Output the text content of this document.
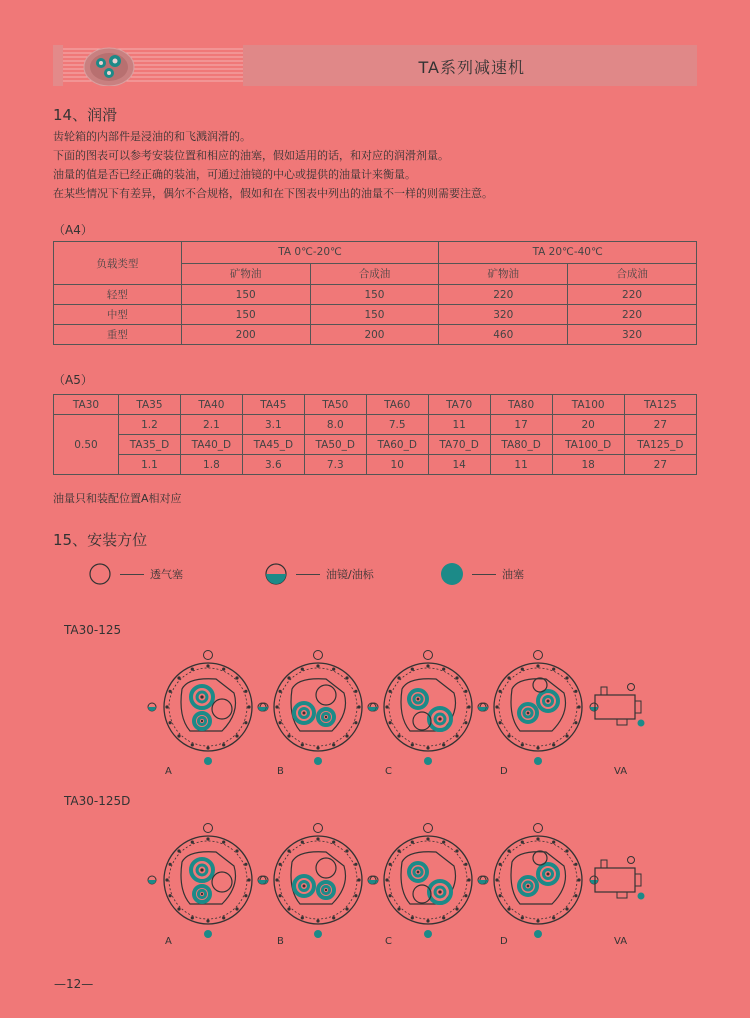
TA系列减速机
14、润滑
齿轮箱的内部件是浸油的和飞溅润滑的。
下面的图表可以参考安装位置和相应的油塞，假如适用的话，和对应的润滑剂量。
油量的值是否已经正确的装油，可通过油镜的中心或提供的油量计来衡量。
在某些情况下有差异，偶尔不合规格，假如和在下图表中列出的油量不一样的则需要注意。
（A4）
负载类型	TA 0℃-20℃		TA 20℃-40℃	
	矿物油	合成油	矿物油	合成油
轻型	150	150	220	220
中型	150	150	320	220
重型	200	200	460	320
（A5）
TA30	TA35	TA40	TA45	TA50	TA60	TA70	TA80	TA100	TA125
0.50	1.2	2.1	3.1	8.0	7.5	11	17	20	27
	TA35_D	TA40_D	TA45_D	TA50_D	TA60_D	TA70_D	TA80_D	TA100_D	TA125_D
	1.1	1.8	3.6	7.3	10	14	11	18	27
油量只和装配位置A相对应
15、安装方位
透气塞	油镜/油标	油塞
TA30-125
A	B	C	D	VA
TA30-125D
A	B	C	D	VA
—12—
